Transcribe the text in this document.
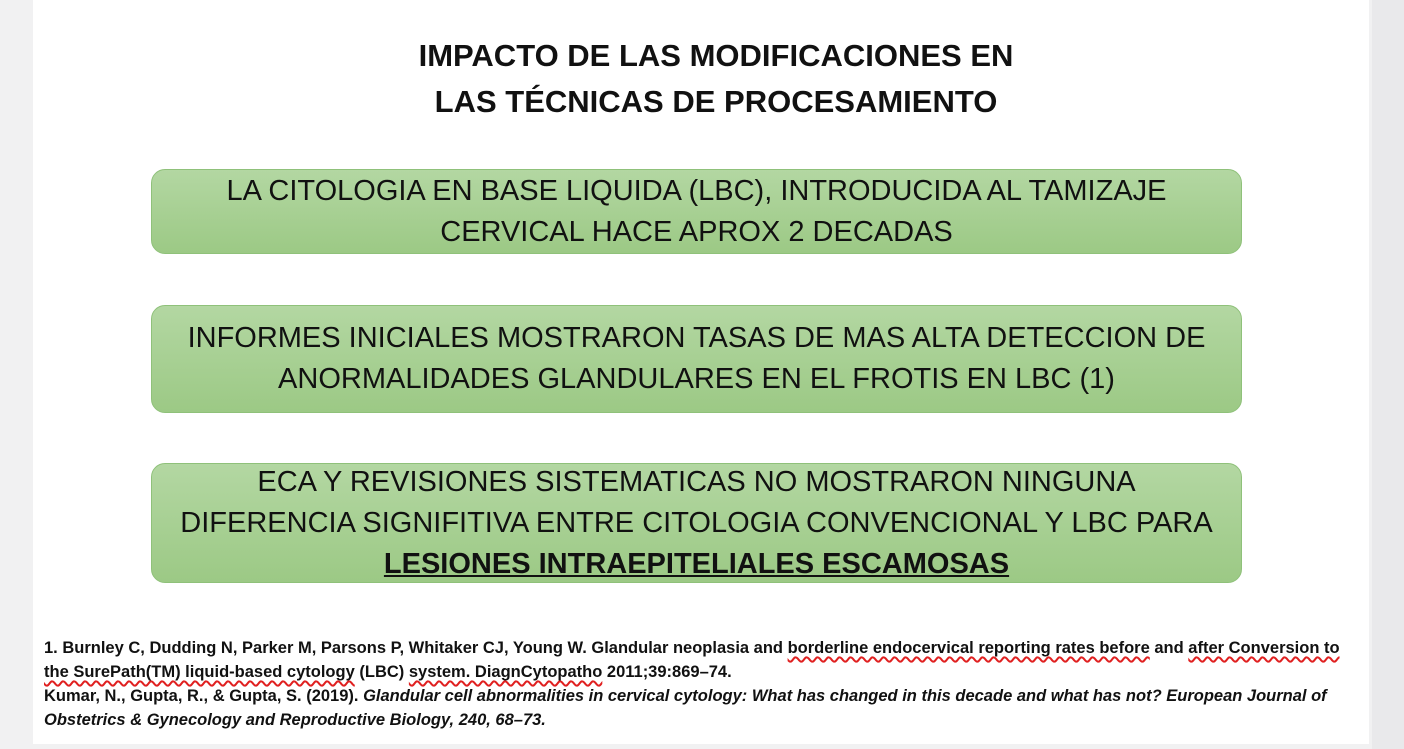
IMPACTO DE LAS MODIFICACIONES EN
LAS TÉCNICAS DE PROCESAMIENTO
LA CITOLOGIA EN BASE LIQUIDA (LBC), INTRODUCIDA AL TAMIZAJE CERVICAL HACE APROX 2 DECADAS
INFORMES INICIALES MOSTRARON TASAS DE MAS ALTA DETECCION DE ANORMALIDADES GLANDULARES EN EL FROTIS EN LBC (1)
ECA Y REVISIONES SISTEMATICAS NO MOSTRARON NINGUNA DIFERENCIA SIGNIFITIVA ENTRE CITOLOGIA CONVENCIONAL Y LBC PARA LESIONES INTRAEPITELIALES ESCAMOSAS

1. Burnley C, Dudding N, Parker M, Parsons P, Whitaker CJ, Young W. Glandular neoplasia and borderline endocervical reporting rates before and after Conversion to the SurePath(TM) liquid-based cytology (LBC) system. DiagnCytopatho 2011;39:869–74.

Kumar, N., Gupta, R., & Gupta, S. (2019). Glandular cell abnormalities in cervical cytology: What has changed in this decade and what has not? European Journal of Obstetrics & Gynecology and Reproductive Biology, 240, 68–73.
